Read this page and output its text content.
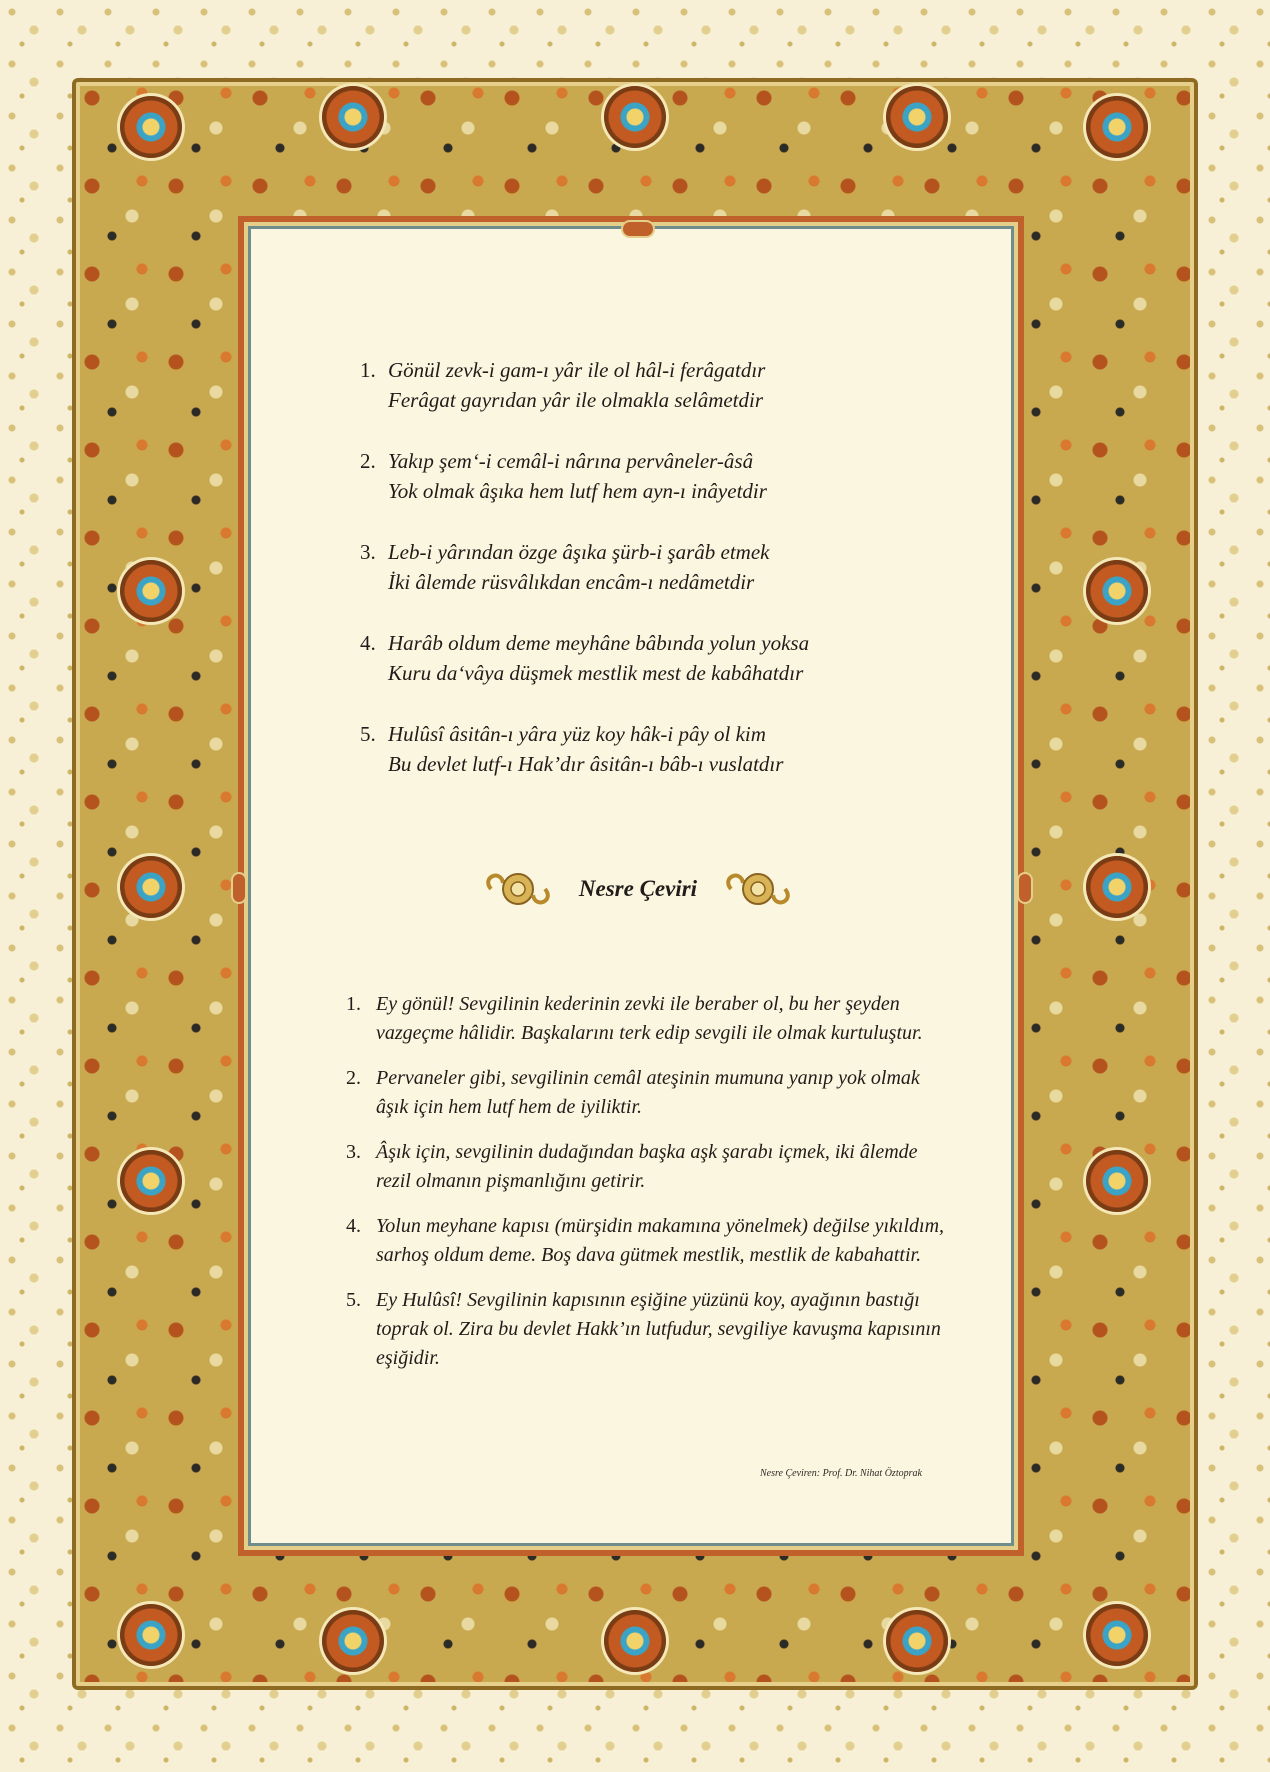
1. Gönül zevk-i gam-ı yâr ile ol hâl-i ferâgatdır
Ferâgat gayrıdan yâr ile olmakla selâmetdir
2. Yakıp şem‘-i cemâl-i nârına pervâneler-âsâ
Yok olmak âşıka hem lutf hem ayn-ı inâyetdir
3. Leb-i yârından özge âşıka şürb-i şarâb etmek
İki âlemde rüsvâlıkdan encâm-ı nedâmetdir
4. Harâb oldum deme meyhâne bâbında yolun yoksa
Kuru da‘vâya düşmek mestlik mest de kabâhatdır
5. Hulûsî âsitân-ı yâra yüz koy hâk-i pây ol kim
Bu devlet lutf-ı Hak’dır âsitân-ı bâb-ı vuslatdır
Nesre Çeviri
1. Ey gönül! Sevgilinin kederinin zevki ile beraber ol, bu her şeyden vazgeçme hâlidir. Başkalarını terk edip sevgili ile olmak kurtuluştur.
2. Pervaneler gibi, sevgilinin cemâl ateşinin mumuna yanıp yok olmak âşık için hem lutf hem de iyiliktir.
3. Âşık için, sevgilinin dudağından başka aşk şarabı içmek, iki âlemde rezil olmanın pişmanlığını getirir.
4. Yolun meyhane kapısı (mürşidin makamına yönelmek) değilse yıkıldım, sarhoş oldum deme. Boş dava gütmek mestlik, mestlik de kabahattir.
5. Ey Hulûsî! Sevgilinin kapısının eşiğine yüzünü koy, ayağının bastığı toprak ol. Zira bu devlet Hakk’ın lutfudur, sevgiliye kavuşma kapısının eşiğidir.
Nesre Çeviren: Prof. Dr. Nihat Öztoprak
